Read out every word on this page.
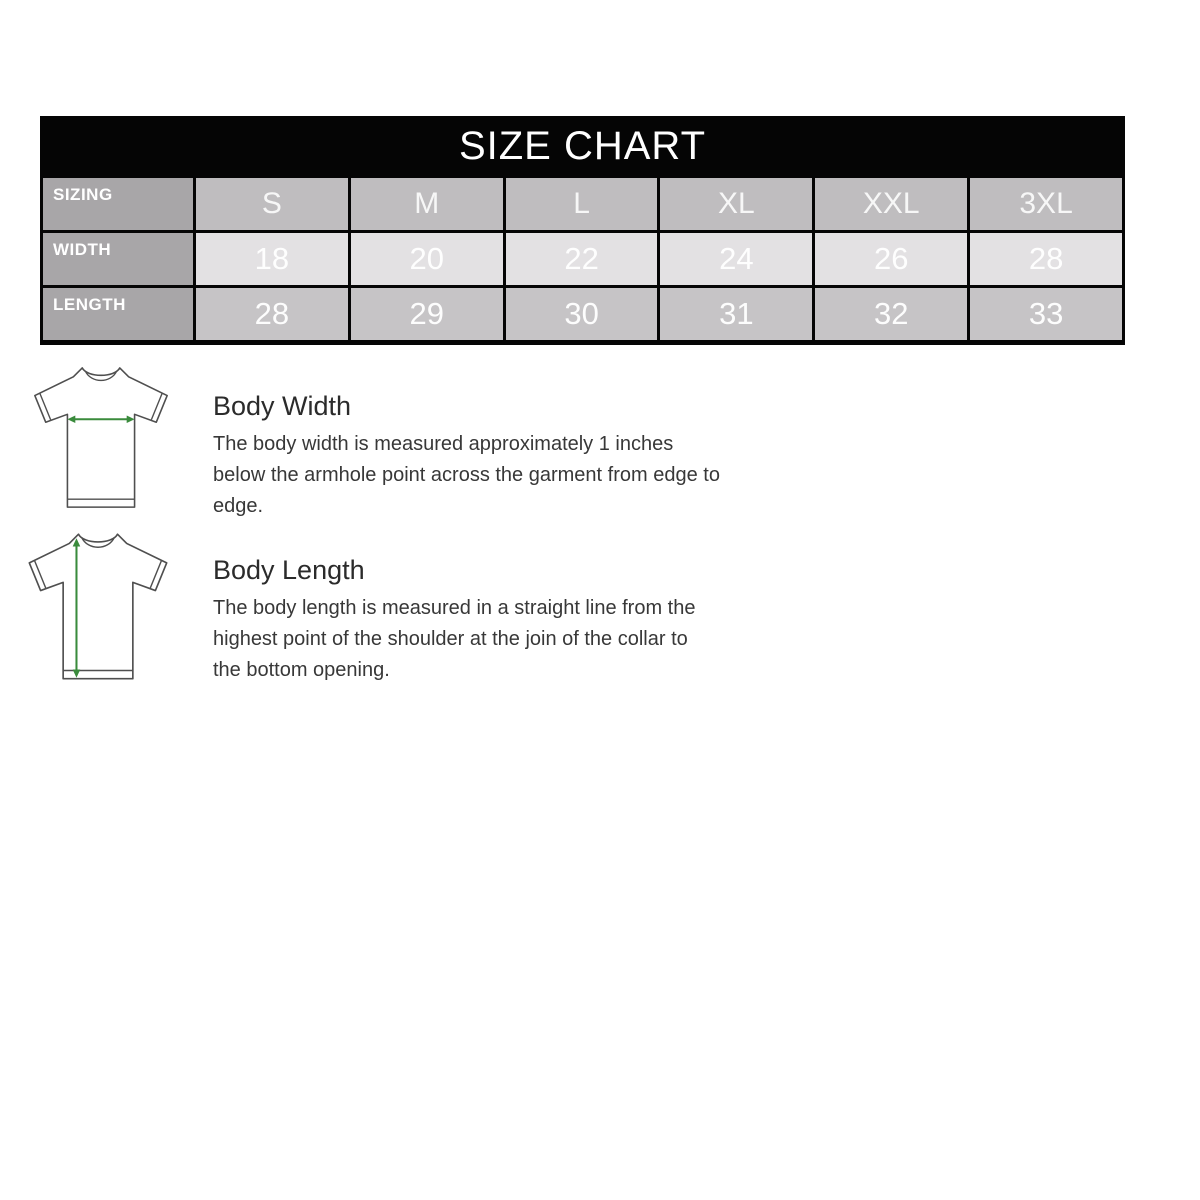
SIZE CHART
SIZING	S	M	L	XL	XXL	3XL
WIDTH	18	20	22	24	26	28
LENGTH	28	29	30	31	32	33
Body Width

The body width is measured approximately 1 inches below the armhole point across the garment from edge to edge.

Body Length

The body length is measured in a straight line from the highest point of the shoulder at the join of the collar to the bottom opening.
